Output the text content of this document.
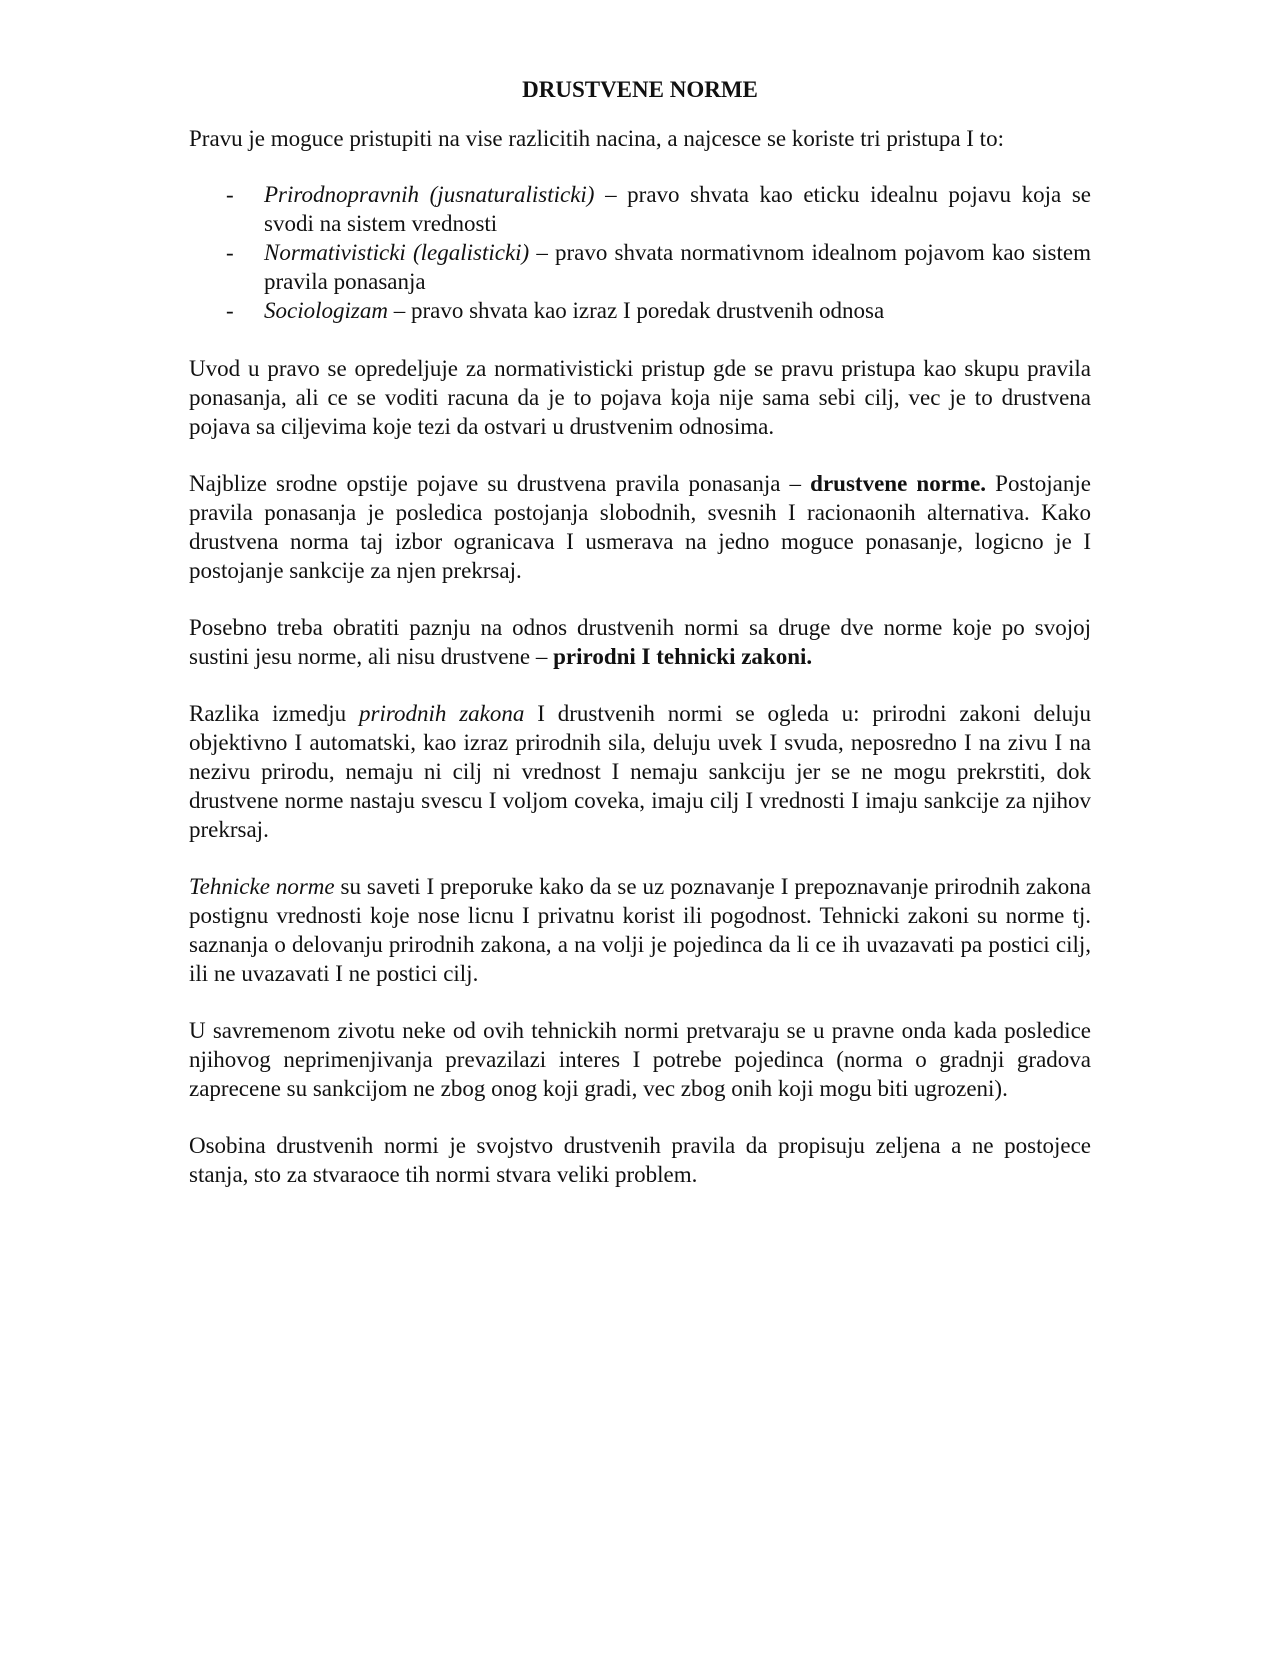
DRUSTVENE NORME

Pravu je moguce pristupiti na vise razlicitih nacina, a najcesce se koriste tri pristupa I to:

- Prirodnopravnih (jusnaturalisticki) – pravo shvata kao eticku idealnu pojavu koja se svodi na sistem vrednosti
- Normativisticki (legalisticki) – pravo shvata normativnom idealnom pojavom kao sistem pravila ponasanja
- Sociologizam – pravo shvata kao izraz I poredak drustvenih odnosa

Uvod u pravo se opredeljuje za normativisticki pristup gde se pravu pristupa kao skupu pravila ponasanja, ali ce se voditi racuna da je to pojava koja nije sama sebi cilj, vec je to drustvena pojava sa ciljevima koje tezi da ostvari u drustvenim odnosima.

Najblize srodne opstije pojave su drustvena pravila ponasanja – drustvene norme. Postojanje pravila ponasanja je posledica postojanja slobodnih, svesnih I racionaonih alternativa. Kako drustvena norma taj izbor ogranicava I usmerava na jedno moguce ponasanje, logicno je I postojanje sankcije za njen prekrsaj.

Posebno treba obratiti paznju na odnos drustvenih normi sa druge dve norme koje po svojoj sustini jesu norme, ali nisu drustvene – prirodni I tehnicki zakoni.

Razlika izmedju prirodnih zakona I drustvenih normi se ogleda u: prirodni zakoni deluju objektivno I automatski, kao izraz prirodnih sila, deluju uvek I svuda, neposredno I na zivu I na nezivu prirodu, nemaju ni cilj ni vrednost I nemaju sankciju jer se ne mogu prekrstiti, dok drustvene norme nastaju svescu I voljom coveka, imaju cilj I vrednosti I imaju sankcije za njihov prekrsaj.

Tehnicke norme su saveti I preporuke kako da se uz poznavanje I prepoznavanje prirodnih zakona postignu vrednosti koje nose licnu I privatnu korist ili pogodnost. Tehnicki zakoni su norme tj. saznanja o delovanju prirodnih zakona, a na volji je pojedinca da li ce ih uvazavati pa postici cilj, ili ne uvazavati I ne postici cilj.

U savremenom zivotu neke od ovih tehnickih normi pretvaraju se u pravne onda kada posledice njihovog neprimenjivanja prevazilazi interes I potrebe pojedinca (norma o gradnji gradova zaprecene su sankcijom ne zbog onog koji gradi, vec zbog onih koji mogu biti ugrozeni).

Osobina drustvenih normi je svojstvo drustvenih pravila da propisuju zeljena a ne postojece stanja, sto za stvaraoce tih normi stvara veliki problem.
